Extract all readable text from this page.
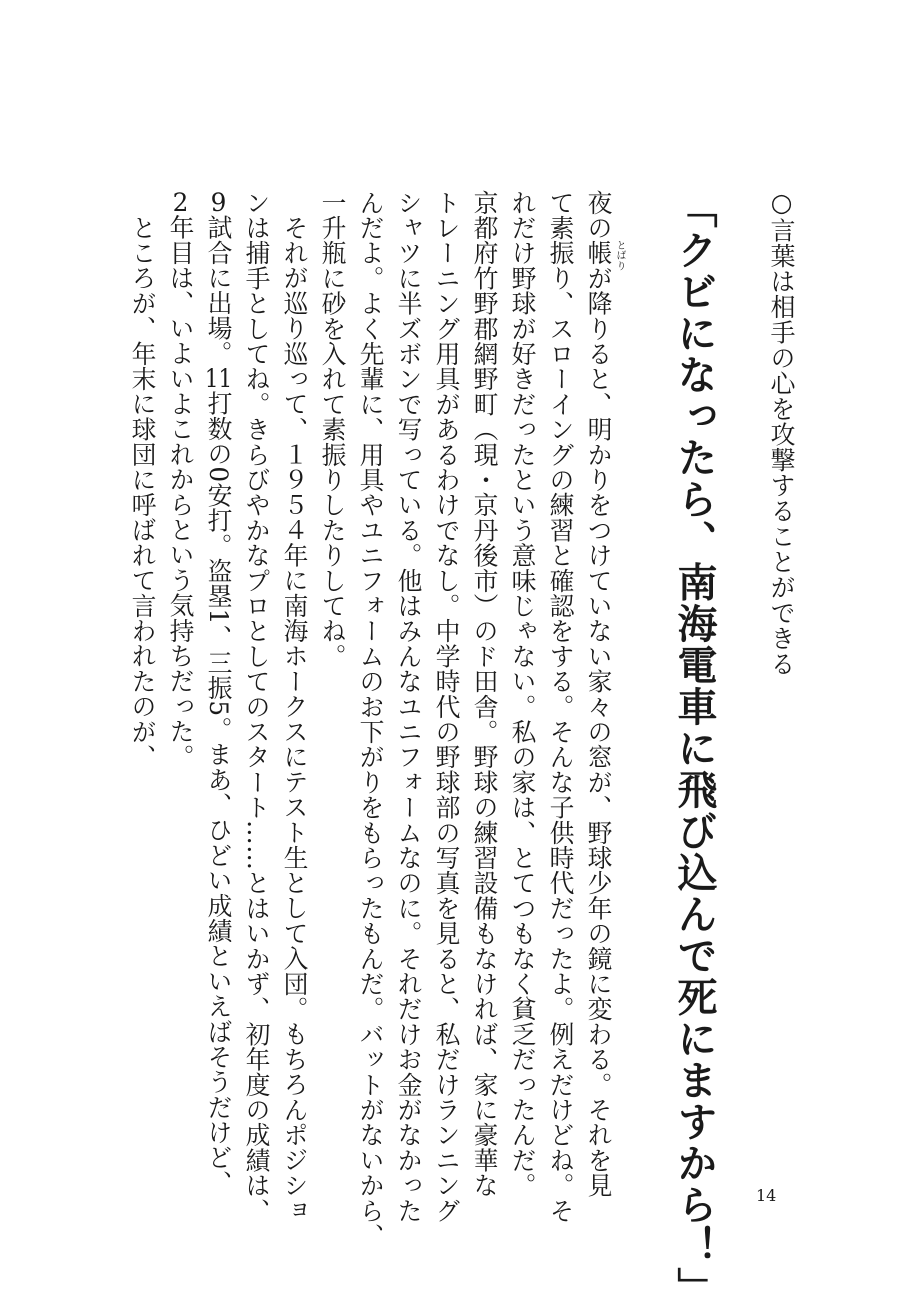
○言葉は相手の心を攻撃することができる
「クビになったら、南海電車に飛び込んで死にますから！」
夜の帳 とばり
が降りると、明かりをつけていない家々の窓が、野球少年の鏡に変わる。それを見
て素振り、スローイングの練習と確認をする。そんな子供時代だったよ。例えだけどね。そ
れだけ野球が好きだったという意味じゃない。私の家は、とてつもなく貧乏だったんだ。
京都府竹野郡網野町（現・京丹後市）のド田舎。野球の練習設備もなければ、家に豪華な
トレーニング用具があるわけでなし。中学時代の野球部の写真を見ると、私だけランニング
シャツに半ズボンで写っている。他はみんなユニフォームなのに。それだけお金がなかった
んだよ。よく先輩に、用具やユニフォームのお下がりをもらったもんだ。バットがないから、
一升瓶に砂を入れて素振りしたりしてね。
それが巡り巡って、１９５４年に南海ホークスにテスト生として入団。もちろんポジショ
ンは捕手としてね。きらびやかなプロとしてのスタート……とはいかず、初年度の成績は、
9試合に出場。11打数の0安打。盗塁1、三振5。まあ、ひどい成績といえばそうだけど、
2年目は、いよいよこれからという気持ちだった。
ところが、年末に球団に呼ばれて言われたのが、
14
